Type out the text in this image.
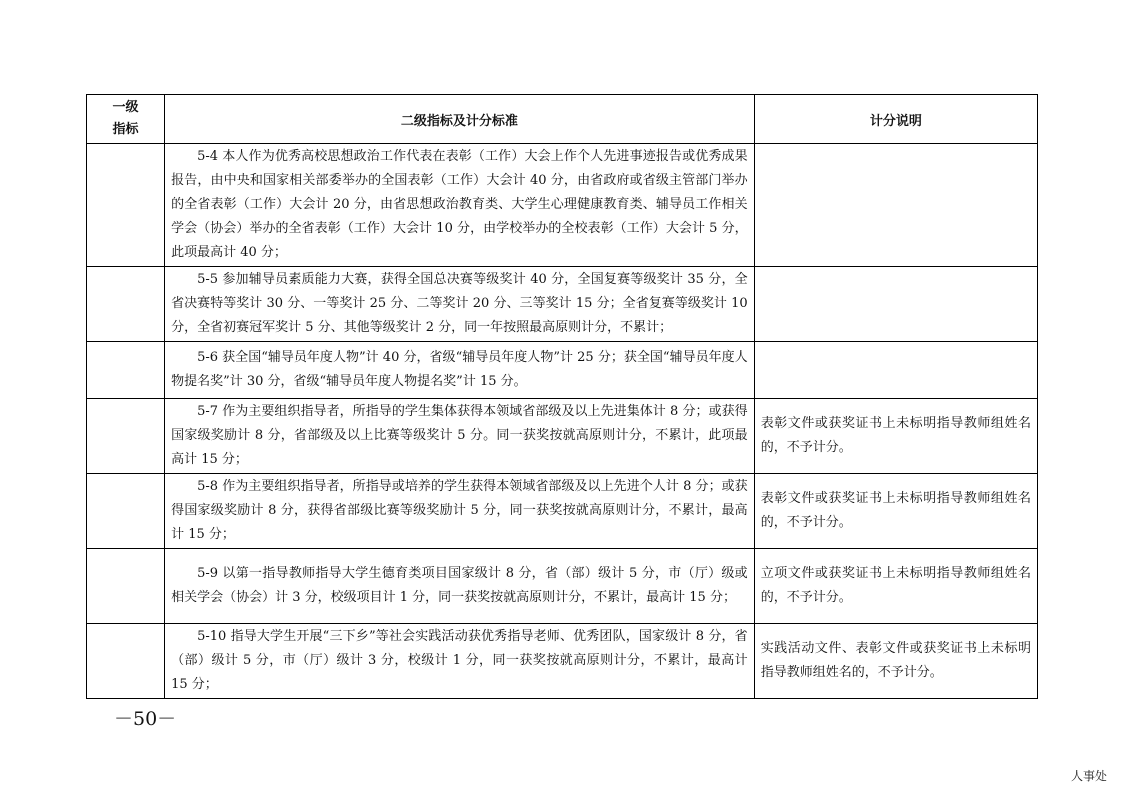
一级
指标	二级指标及计分标准	计分说明
	5-4 本人作为优秀高校思想政治工作代表在表彰（工作）大会上作个人先进事迹报告或优秀成果报告，由中央和国家相关部委举办的全国表彰（工作）大会计 40 分，由省政府或省级主管部门举办的全省表彰（工作）大会计 20 分，由省思想政治教育类、大学生心理健康教育类、辅导员工作相关学会（协会）举办的全省表彰（工作）大会计 10 分，由学校举办的全校表彰（工作）大会计 5 分，此项最高计 40 分；	
	5-5 参加辅导员素质能力大赛，获得全国总决赛等级奖计 40 分，全国复赛等级奖计 35 分，全省决赛特等奖计 30 分、一等奖计 25 分、二等奖计 20 分、三等奖计 15 分；全省复赛等级奖计 10 分，全省初赛冠军奖计 5 分、其他等级奖计 2 分，同一年按照最高原则计分，不累计；	
	5-6 获全国“辅导员年度人物”计 40 分，省级“辅导员年度人物”计 25 分；获全国“辅导员年度人物提名奖”计 30 分，省级“辅导员年度人物提名奖”计 15 分。	
	5-7 作为主要组织指导者，所指导的学生集体获得本领域省部级及以上先进集体计 8 分；或获得国家级奖励计 8 分，省部级及以上比赛等级奖计 5 分。同一获奖按就高原则计分，不累计，此项最高计 15 分；	表彰文件或获奖证书上未标明指导教师组姓名的，不予计分。
	5-8 作为主要组织指导者，所指导或培养的学生获得本领域省部级及以上先进个人计 8 分；或获得国家级奖励计 8 分，获得省部级比赛等级奖励计 5 分，同一获奖按就高原则计分，不累计，最高计 15 分；	表彰文件或获奖证书上未标明指导教师组姓名的，不予计分。
	5-9 以第一指导教师指导大学生德育类项目国家级计 8 分，省（部）级计 5 分，市（厅）级或相关学会（协会）计 3 分，校级项目计 1 分，同一获奖按就高原则计分，不累计，最高计 15 分；	立项文件或获奖证书上未标明指导教师组姓名的，不予计分。
	5-10 指导大学生开展“三下乡”等社会实践活动获优秀指导老师、优秀团队，国家级计 8 分，省（部）级计 5 分，市（厅）级计 3 分，校级计 1 分，同一获奖按就高原则计分，不累计，最高计 15 分；	实践活动文件、表彰文件或获奖证书上未标明指导教师组姓名的，不予计分。
－50－
人事处
